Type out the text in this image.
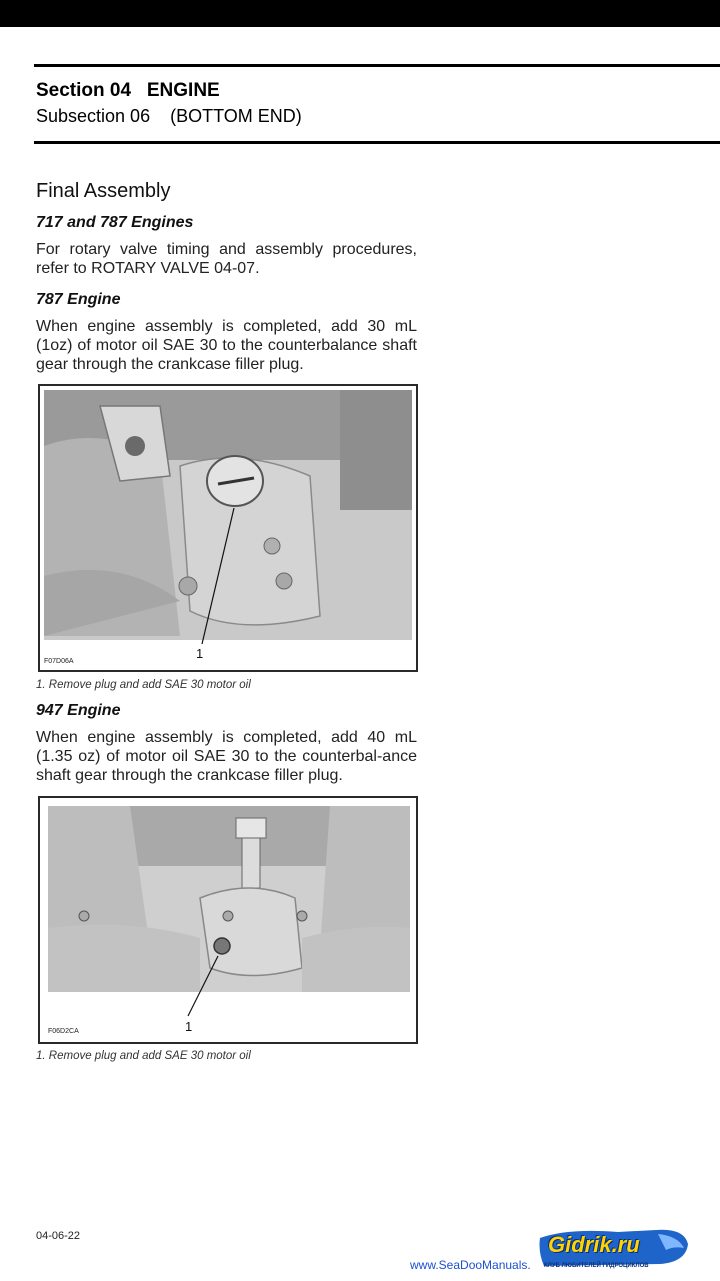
Section 04   ENGINE
Subsection 06    (BOTTOM END)
Final Assembly
717 and 787 Engines
For rotary valve timing and assembly procedures, refer to ROTARY VALVE 04-07.
787 Engine
When engine assembly is completed, add 30 mL (1oz) of motor oil SAE 30 to the counterbalance shaft gear through the crankcase filler plug.
F07D06A
1
1. Remove plug and add SAE 30 motor oil
947 Engine
When engine assembly is completed, add 40 mL (1.35 oz) of motor oil SAE 30 to the counterbal-ance shaft gear through the crankcase filler plug.
F06D2CA	1
1. Remove plug and add SAE 30 motor oil
04-06-22
www.SeaDooManuals.
Gidrik.ru
КЛУБ ЛЮБИТЕЛЕЙ ГИДРОЦИКЛОВ
